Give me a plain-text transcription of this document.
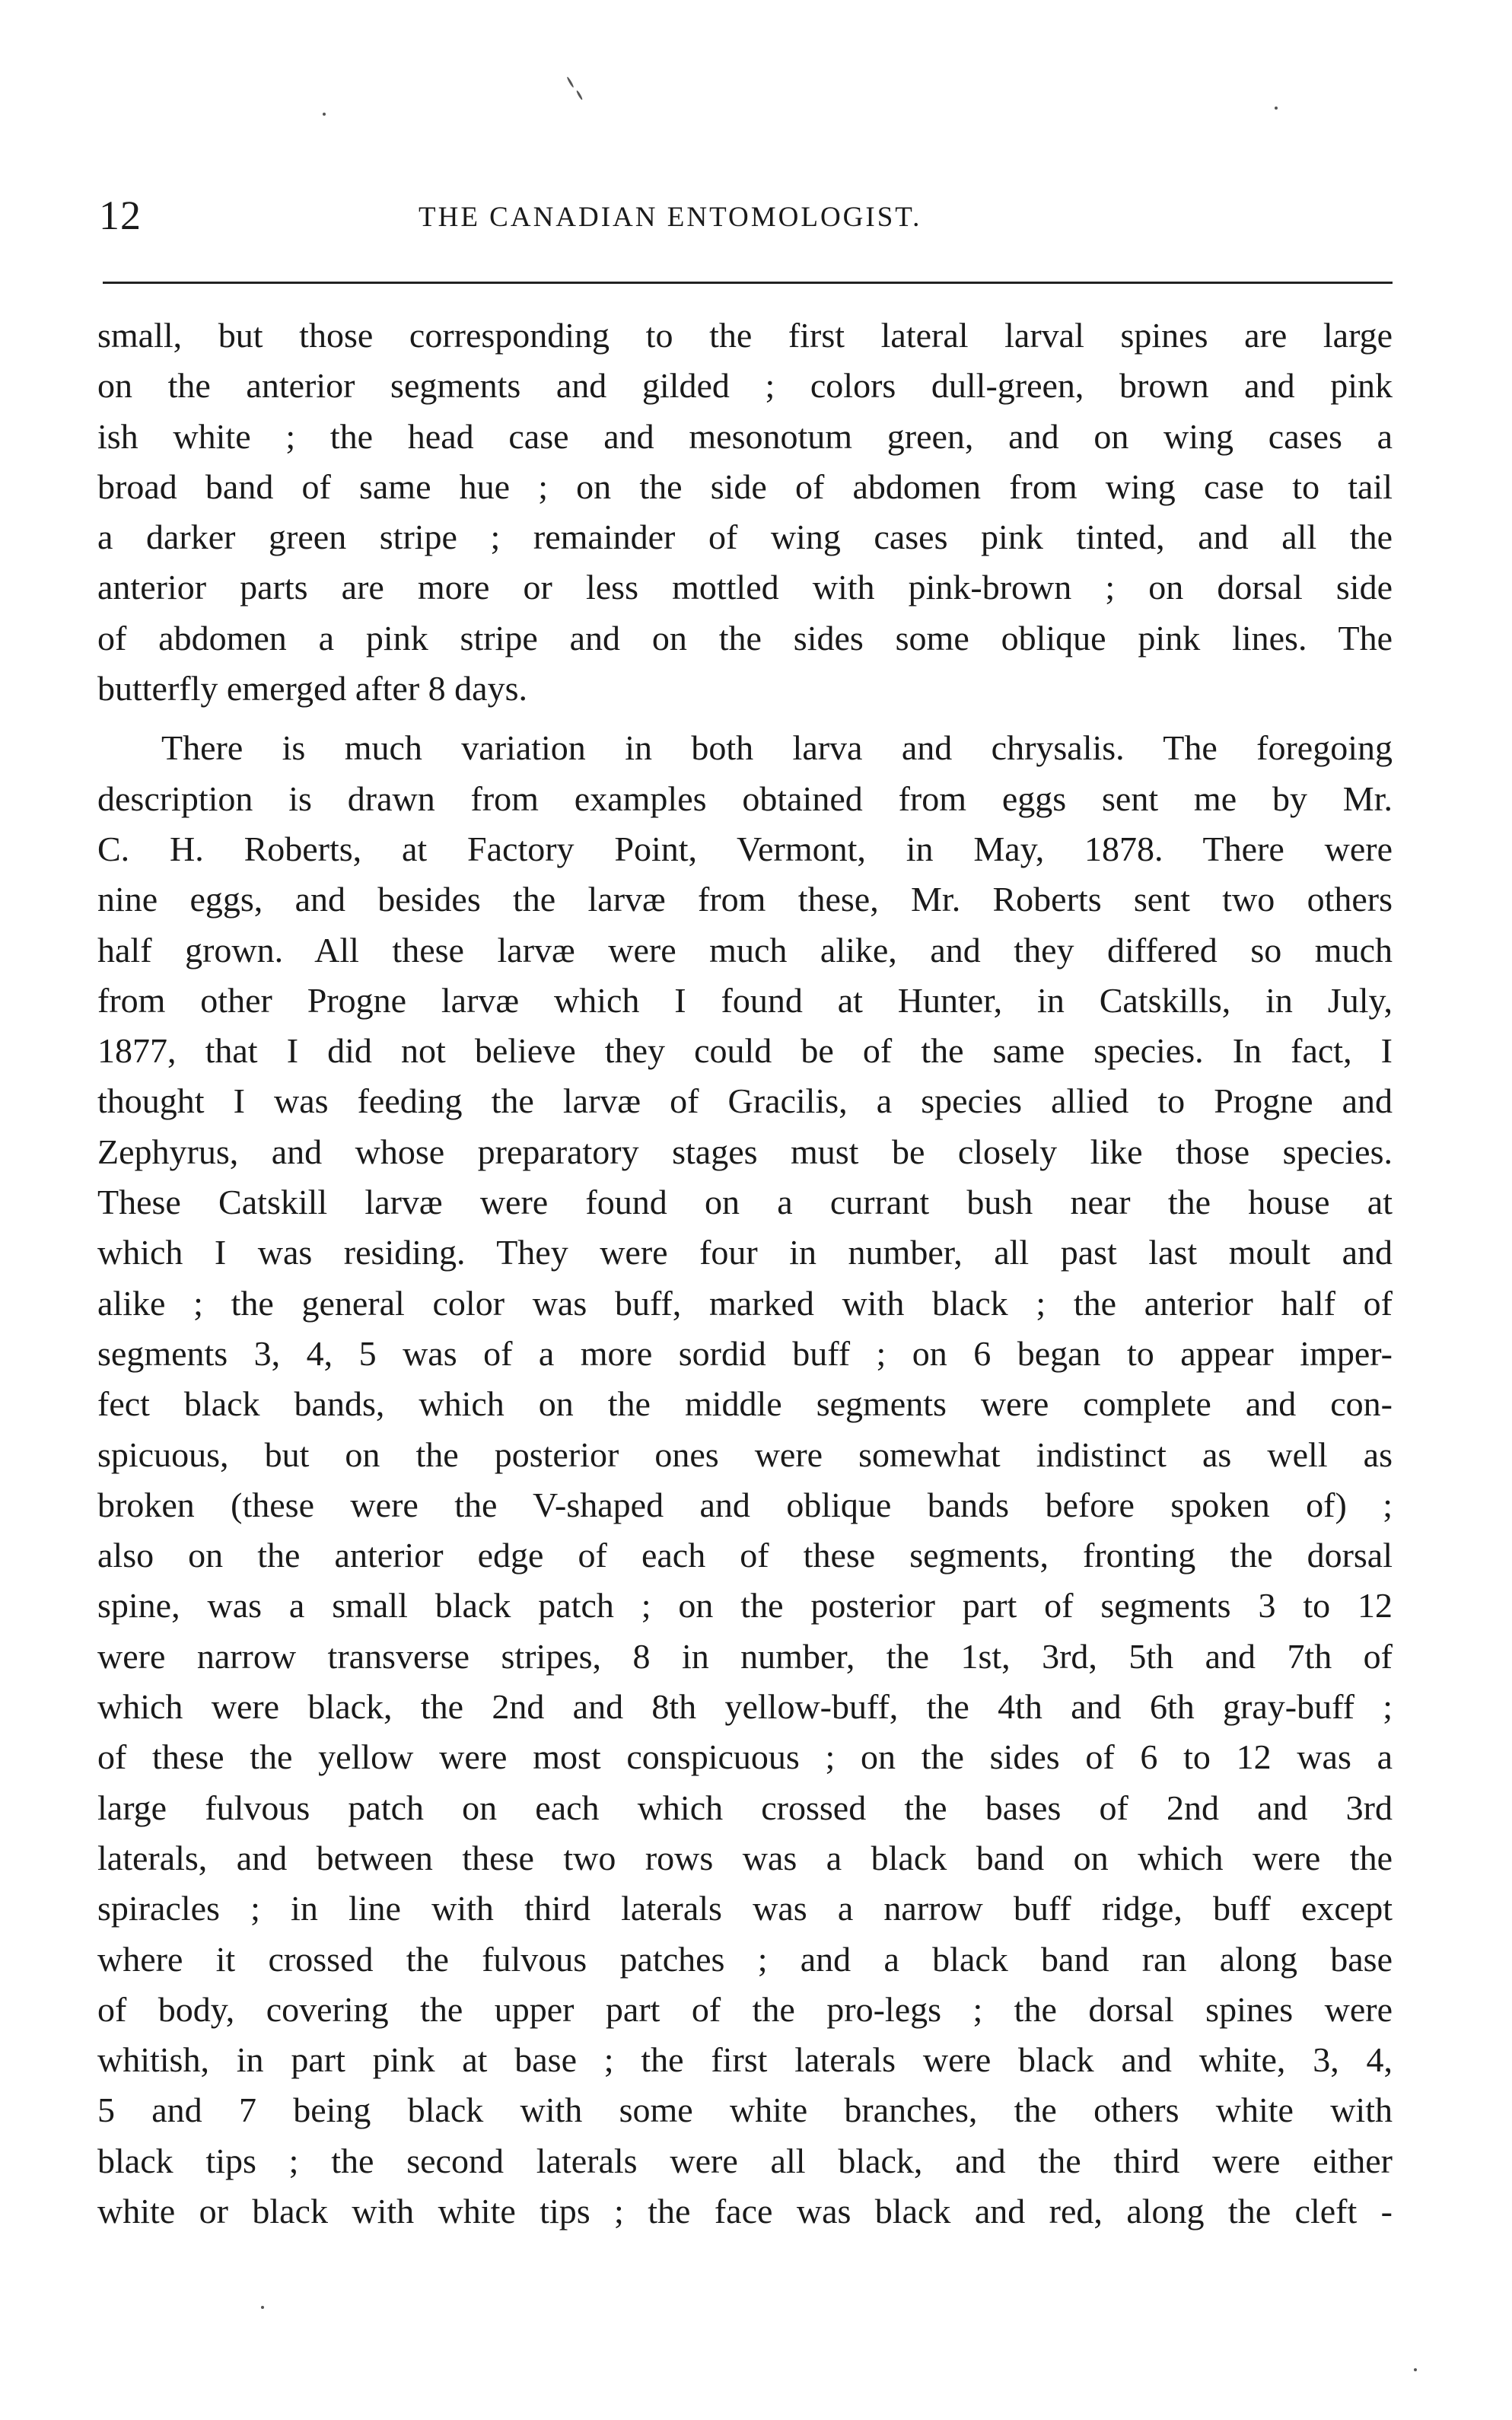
12	THE CANADIAN ENTOMOLOGIST.

small, but those corresponding to the first lateral larval spines are large
on the anterior segments and gilded ; colors dull-green, brown and pink
ish white ; the head case and mesonotum green, and on wing cases a
broad band of same hue ; on the side of abdomen from wing case to tail
a darker green stripe ; remainder of wing cases pink tinted, and all the
anterior parts are more or less mottled with pink-brown ; on dorsal side
of abdomen a pink stripe and on the sides some oblique pink lines. The
butterfly emerged after 8 days.

There is much variation in both larva and chrysalis. The foregoing
description is drawn from examples obtained from eggs sent me by Mr.
C. H. Roberts, at Factory Point, Vermont, in May, 1878. There were
nine eggs, and besides the larvæ from these, Mr. Roberts sent two others
half grown. All these larvæ were much alike, and they differed so much
from other Progne larvæ which I found at Hunter, in Catskills, in July,
1877, that I did not believe they could be of the same species. In fact, I
thought I was feeding the larvæ of Gracilis, a species allied to Progne and
Zephyrus, and whose preparatory stages must be closely like those species.
These Catskill larvæ were found on a currant bush near the house at
which I was residing. They were four in number, all past last moult and
alike ; the general color was buff, marked with black ; the anterior half of
segments 3, 4, 5 was of a more sordid buff ; on 6 began to appear imper-
fect black bands, which on the middle segments were complete and con-
spicuous, but on the posterior ones were somewhat indistinct as well as
broken (these were the V-shaped and oblique bands before spoken of) ;
also on the anterior edge of each of these segments, fronting the dorsal
spine, was a small black patch ; on the posterior part of segments 3 to 12
were narrow transverse stripes, 8 in number, the 1st, 3rd, 5th and 7th of
which were black, the 2nd and 8th yellow-buff, the 4th and 6th gray-buff ;
of these the yellow were most conspicuous ; on the sides of 6 to 12 was a
large fulvous patch on each which crossed the bases of 2nd and 3rd
laterals, and between these two rows was a black band on which were the
spiracles ; in line with third laterals was a narrow buff ridge, buff except
where it crossed the fulvous patches ; and a black band ran along base
of body, covering the upper part of the pro-legs ; the dorsal spines were
whitish, in part pink at base ; the first laterals were black and white, 3, 4,
5 and 7 being black with some white branches, the others white with
black tips ; the second laterals were all black, and the third were either
white or black with white tips ; the face was black and red, along the cleft -
